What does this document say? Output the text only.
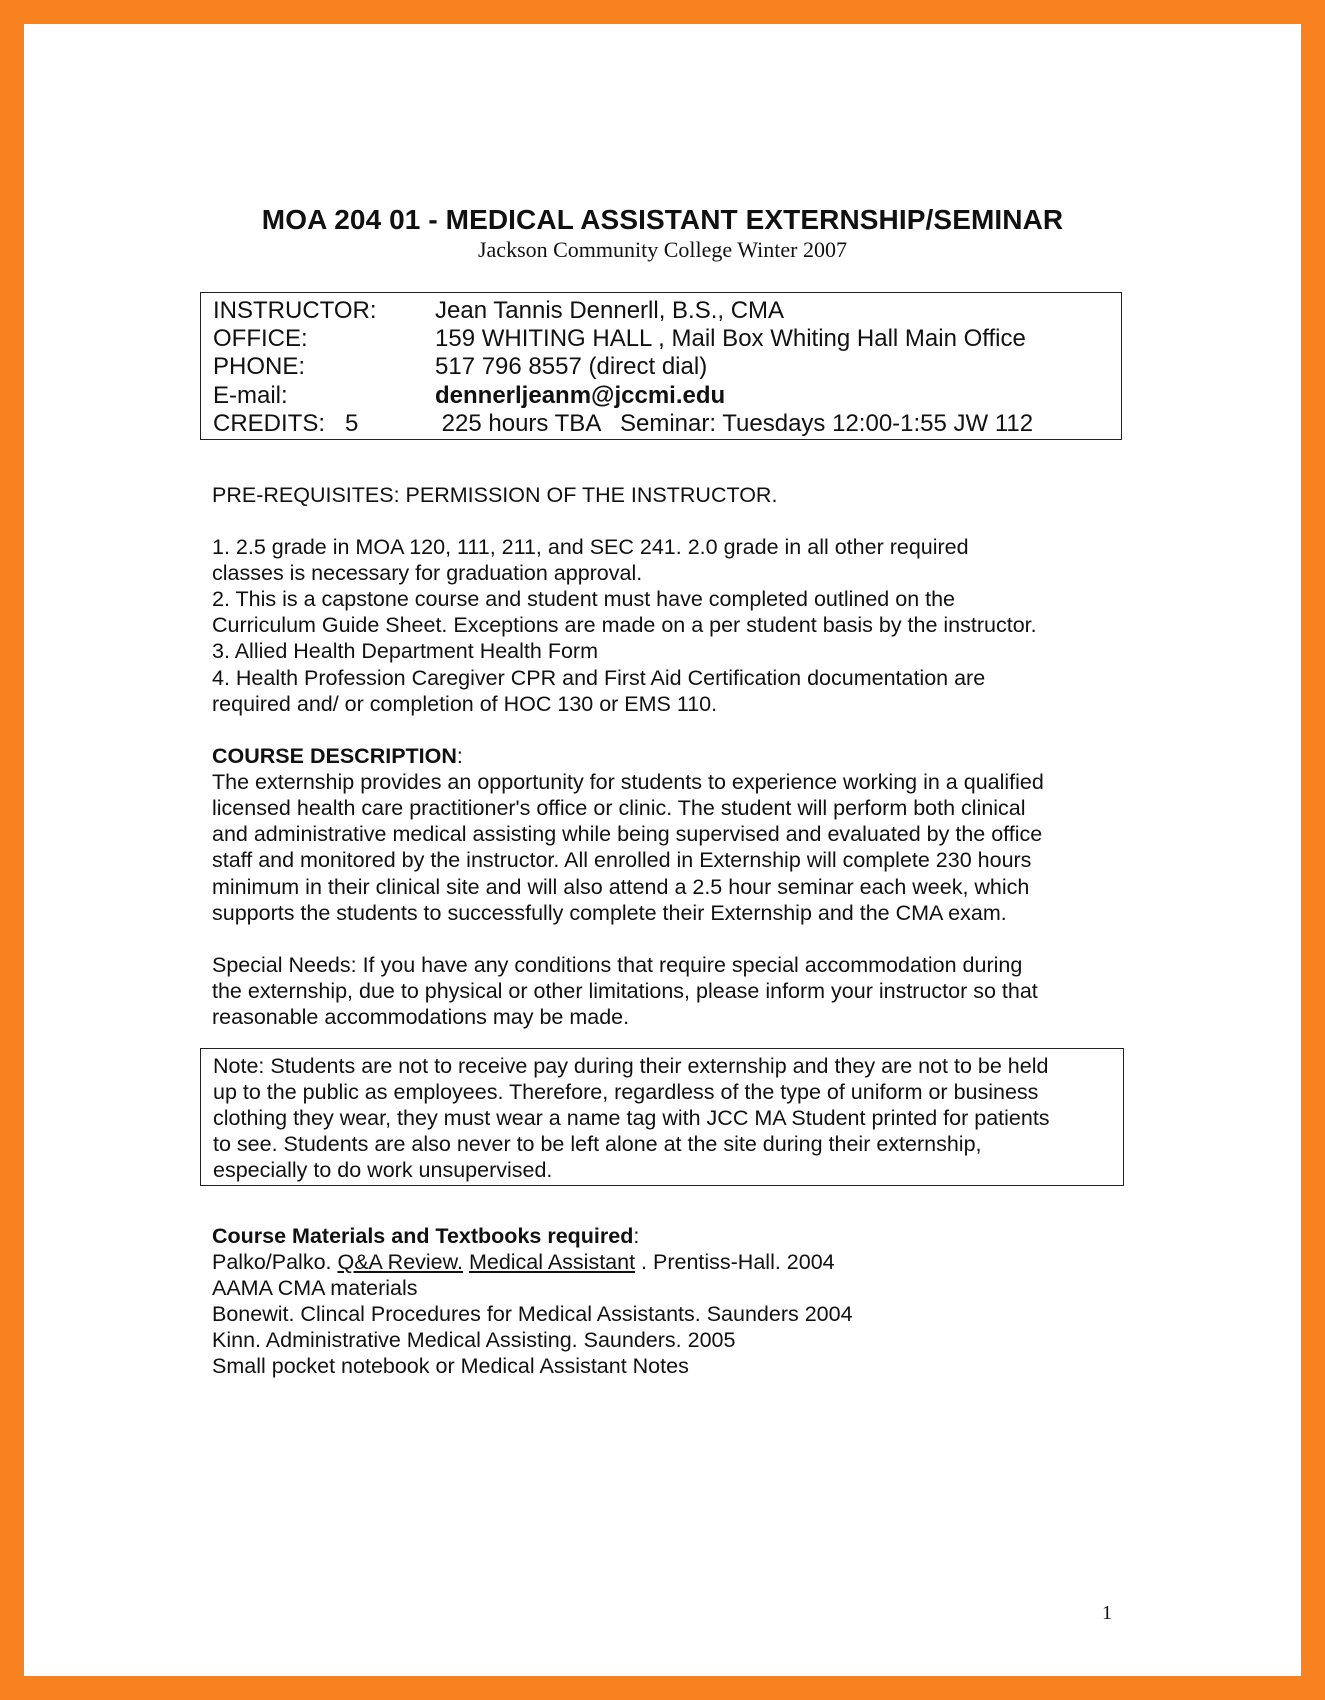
MOA 204 01 - MEDICAL ASSISTANT EXTERNSHIP/SEMINAR
Jackson Community College Winter 2007
INSTRUCTOR: Jean Tannis Dennerll, B.S., CMA
OFFICE:	159 WHITING HALL , Mail Box Whiting Hall Main Office
PHONE:	517 796 8557 (direct dial)
E-mail:	dennerljeanm@jccmi.edu
CREDITS:   5	225 hours TBA   Seminar: Tuesdays 12:00-1:55 JW 112
PRE-REQUISITES: PERMISSION OF THE INSTRUCTOR.
1. 2.5 grade in MOA 120, 111, 211, and SEC 241. 2.0 grade in all other required
classes is necessary for graduation approval.
2. This is a capstone course and student must have completed outlined on the
Curriculum Guide Sheet. Exceptions are made on a per student basis by the instructor.
3. Allied Health Department Health Form
4. Health Profession Caregiver CPR and First Aid Certification documentation are
required and/ or completion of HOC 130 or EMS 110.
COURSE DESCRIPTION:
The externship provides an opportunity for students to experience working in a qualified
licensed health care practitioner's office or clinic. The student will perform both clinical
and administrative medical assisting while being supervised and evaluated by the office
staff and monitored by the instructor. All enrolled in Externship will complete 230 hours
minimum in their clinical site and will also attend a 2.5 hour seminar each week, which
supports the students to successfully complete their Externship and the CMA exam.
Special Needs: If you have any conditions that require special accommodation during
the externship, due to physical or other limitations, please inform your instructor so that
reasonable accommodations may be made.
Note: Students are not to receive pay during their externship and they are not to be held
up to the public as employees. Therefore, regardless of the type of uniform or business
clothing they wear, they must wear a name tag with JCC MA Student printed for patients
to see. Students are also never to be left alone at the site during their externship,
especially to do work unsupervised.
Course Materials and Textbooks required:
Palko/Palko. Q&A Review. Medical Assistant . Prentiss-Hall. 2004
AAMA CMA materials
Bonewit. Clincal Procedures for Medical Assistants. Saunders 2004
Kinn. Administrative Medical Assisting. Saunders. 2005
Small pocket notebook or Medical Assistant Notes
1
